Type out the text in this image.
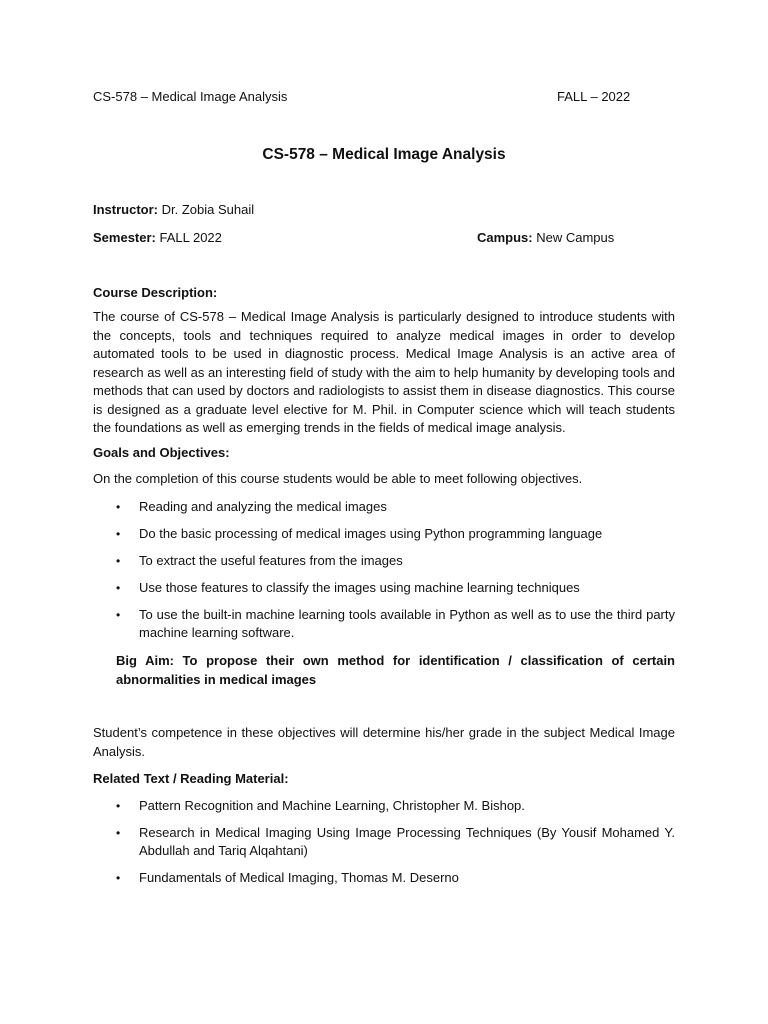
CS-578 – Medical Image Analysis	FALL – 2022
CS-578 – Medical Image Analysis
Instructor: Dr. Zobia Suhail
Semester: FALL 2022	Campus: New Campus
Course Description:
The course of CS-578 – Medical Image Analysis is particularly designed to introduce students with the concepts, tools and techniques required to analyze medical images in order to develop automated tools to be used in diagnostic process. Medical Image Analysis is an active area of research as well as an interesting field of study with the aim to help humanity by developing tools and methods that can used by doctors and radiologists to assist them in disease diagnostics. This course is designed as a graduate level elective for M. Phil. in Computer science which will teach students the foundations as well as emerging trends in the fields of medical image analysis.
Goals and Objectives:
On the completion of this course students would be able to meet following objectives.
• Reading and analyzing the medical images
• Do the basic processing of medical images using Python programming language
• To extract the useful features from the images
• Use those features to classify the images using machine learning techniques
• To use the built-in machine learning tools available in Python as well as to use the third party machine learning software.
Big Aim: To propose their own method for identification / classification of certain abnormalities in medical images
Student’s competence in these objectives will determine his/her grade in the subject Medical Image Analysis.
Related Text / Reading Material:
• Pattern Recognition and Machine Learning, Christopher M. Bishop.
• Research in Medical Imaging Using Image Processing Techniques (By Yousif Mohamed Y. Abdullah and Tariq Alqahtani)
• Fundamentals of Medical Imaging, Thomas M. Deserno
